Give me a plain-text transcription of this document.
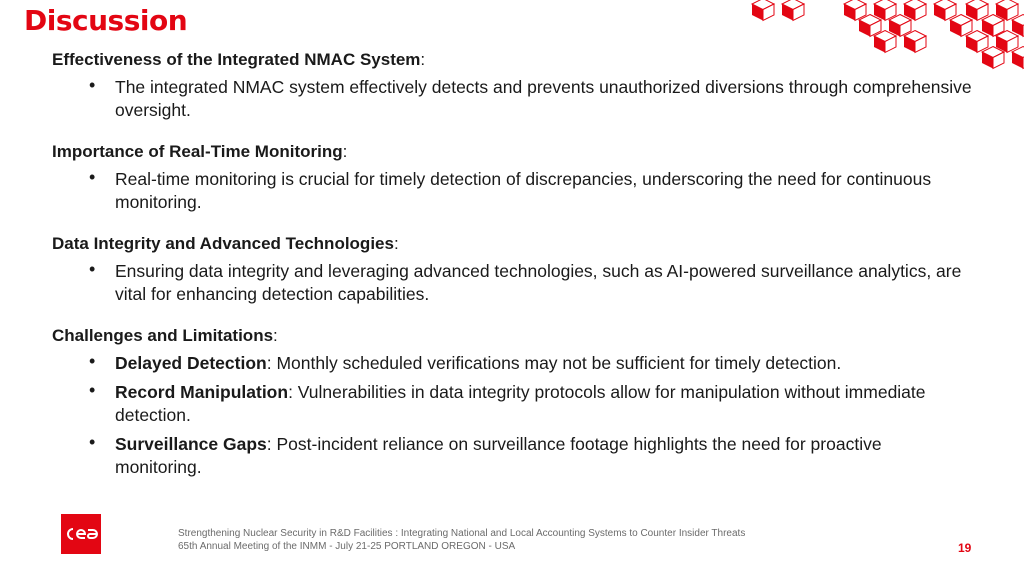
Discussion
Effectiveness of the Integrated NMAC System:
• The integrated NMAC system effectively detects and prevents unauthorized diversions through comprehensive oversight.
Importance of Real-Time Monitoring:
• Real-time monitoring is crucial for timely detection of discrepancies, underscoring the need for continuous monitoring.
Data Integrity and Advanced Technologies:
• Ensuring data integrity and leveraging advanced technologies, such as AI-powered surveillance analytics, are vital for enhancing detection capabilities.
Challenges and Limitations:
• Delayed Detection: Monthly scheduled verifications may not be sufficient for timely detection.
• Record Manipulation: Vulnerabilities in data integrity protocols allow for manipulation without immediate detection.
• Surveillance Gaps: Post-incident reliance on surveillance footage highlights the need for proactive monitoring.
Strengthening Nuclear Security in R&D Facilities : Integrating National and Local Accounting Systems to Counter Insider Threats
65th Annual Meeting of the INMM - July 21-25 PORTLAND OREGON - USA	19
